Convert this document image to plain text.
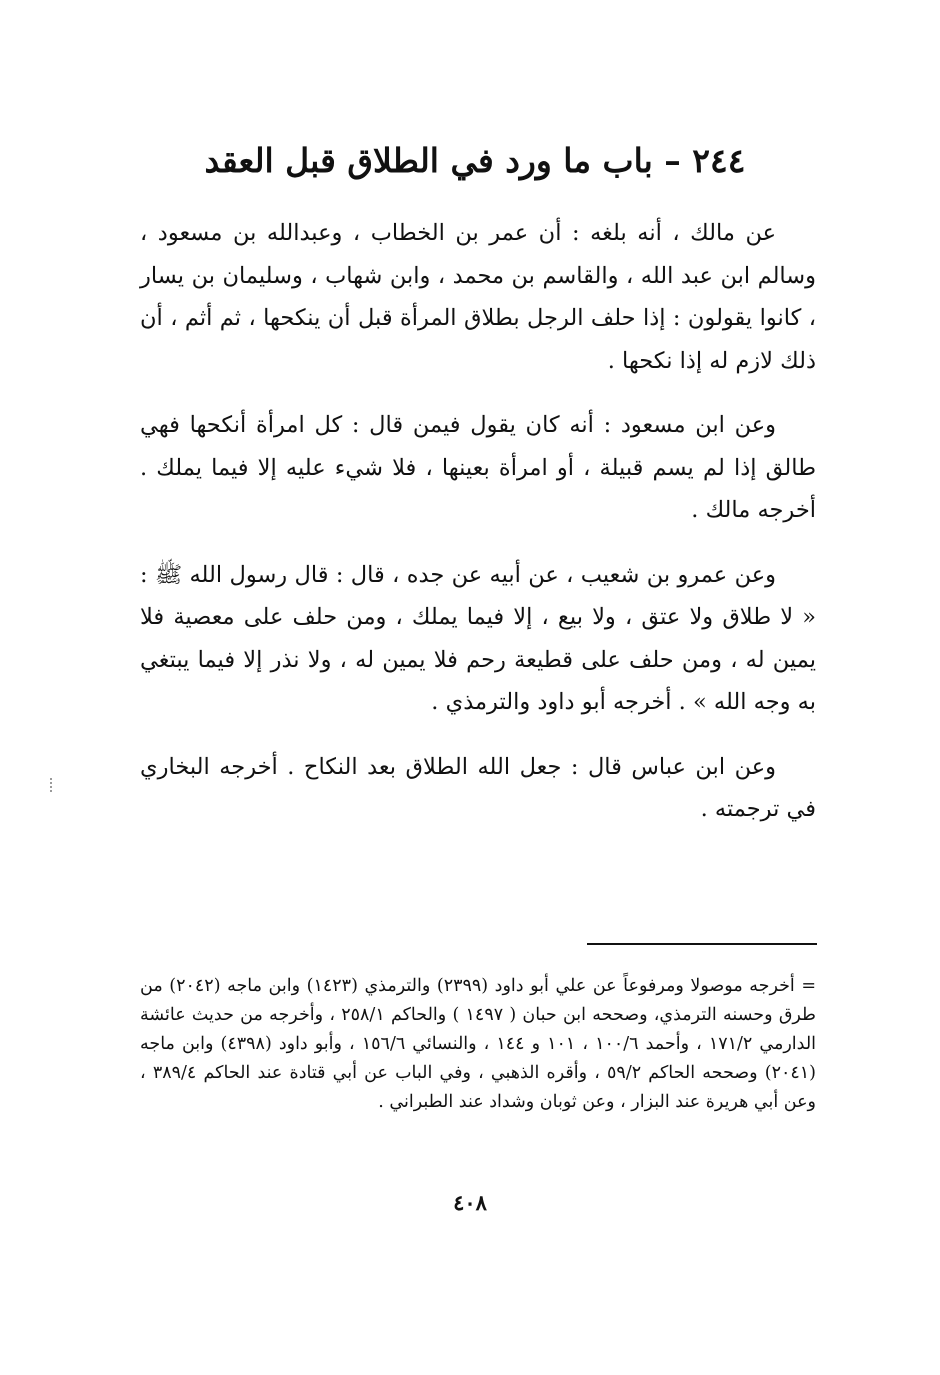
٢٤٤ – باب ما ورد في الطلاق قبل العقد

عن مالك ، أنه بلغه : أن عمر بن الخطاب ، وعبدالله بن مسعود ، وسالم ابن عبد الله ، والقاسم بن محمد ، وابن شهاب ، وسليمان بن يسار ، كانوا يقولون : إذا حلف الرجل بطلاق المرأة قبل أن ينكحها ، ثم أثم ، أن ذلك لازم له إذا نكحها .

وعن ابن مسعود : أنه كان يقول فيمن قال : كل امرأة أنكحها فهي طالق إذا لم يسم قبيلة ، أو امرأة بعينها ، فلا شيء عليه إلا فيما يملك . أخرجه مالك .

وعن عمرو بن شعيب ، عن أبيه عن جده ، قال : قال رسول الله ﷺ : « لا طلاق ولا عتق ، ولا بيع ، إلا فيما يملك ، ومن حلف على معصية فلا يمين له ، ومن حلف على قطيعة رحم فلا يمين له ، ولا نذر إلا فيما يبتغي به وجه الله » . أخرجه أبو داود والترمذي .

وعن ابن عباس قال : جعل الله الطلاق بعد النكاح . أخرجه البخاري في ترجمته .

= أخرجه موصولا ومرفوعاً عن علي أبو داود (٢٣٩٩) والترمذي (١٤٢٣) وابن ماجه (٢٠٤٢) من طرق وحسنه الترمذي، وصححه ابن حبان ( ١٤٩٧ ) والحاكم ٢٥٨/١ ، وأخرجه من حديث عائشة الدارمي ١٧١/٢ ، وأحمد ١٠٠/٦ ، ١٠١ و ١٤٤ ، والنسائي ١٥٦/٦ ، وأبو داود (٤٣٩٨) وابن ماجه (٢٠٤١) وصححه الحاكم ٥٩/٢ ، وأقره الذهبي ، وفي الباب عن أبي قتادة عند الحاكم ٣٨٩/٤ ، وعن أبي هريرة عند البزار ، وعن ثوبان وشداد عند الطبراني .

٤٠٨
